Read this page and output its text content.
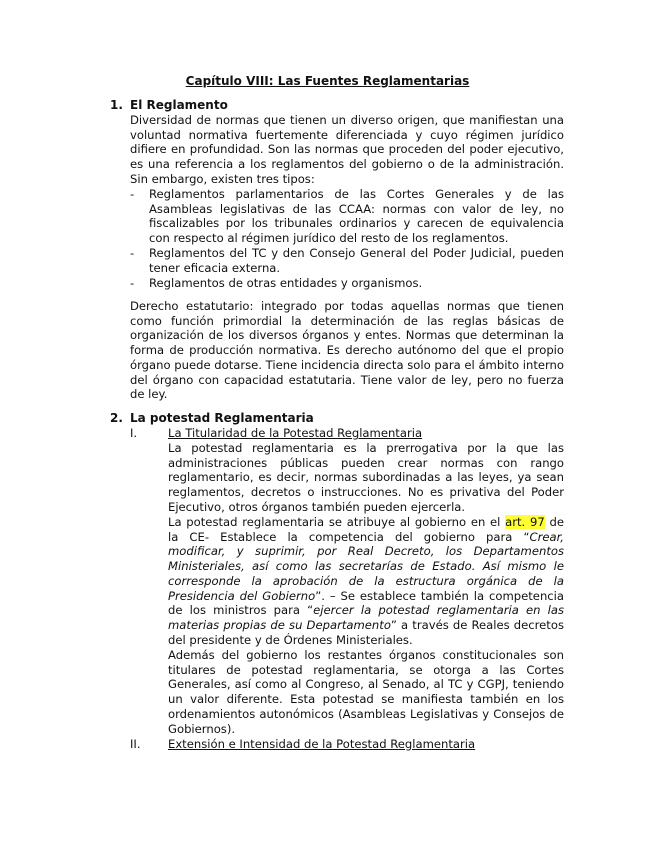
Capítulo VIII: Las Fuentes Reglamentarias
1. El Reglamento

Diversidad de normas que tienen un diverso origen, que manifiestan una voluntad normativa fuertemente diferenciada y cuyo régimen jurídico difiere en profundidad. Son las normas que proceden del poder ejecutivo, es una referencia a los reglamentos del gobierno o de la administración. Sin embargo, existen tres tipos:

-	Reglamentos parlamentarios de las Cortes Generales y de las Asambleas legislativas de las CCAA: normas con valor de ley, no fiscalizables por los tribunales ordinarios y carecen de equivalencia con respecto al régimen jurídico del resto de los reglamentos.
-	Reglamentos del TC y den Consejo General del Poder Judicial, pueden tener eficacia externa.
-	Reglamentos de otras entidades y organismos.

Derecho estatutario: integrado por todas aquellas normas que tienen como función primordial la determinación de las reglas básicas de organización de los diversos órganos y entes. Normas que determinan la forma de producción normativa. Es derecho autónomo del que el propio órgano puede dotarse. Tiene incidencia directa solo para el ámbito interno del órgano con capacidad estatutaria. Tiene valor de ley, pero no fuerza de ley.

2. La potestad Reglamentaria
I.	La Titularidad de la Potestad Reglamentaria

La potestad reglamentaria es la prerrogativa por la que las administraciones públicas pueden crear normas con rango reglamentario, es decir, normas subordinadas a las leyes, ya sean reglamentos, decretos o instrucciones. No es privativa del Poder Ejecutivo, otros órganos también pueden ejercerla.

La potestad reglamentaria se atribuye al gobierno en el art. 97 de la CE- Establece la competencia del gobierno para “Crear, modificar, y suprimir, por Real Decreto, los Departamentos Ministeriales, así como las secretarías de Estado. Así mismo le corresponde la aprobación de la estructura orgánica de la Presidencia del Gobierno”. – Se establece también la competencia de los ministros para “ejercer la potestad reglamentaria en las materias propias de su Departamento” a través de Reales decretos del presidente y de Órdenes Ministeriales.

Además del gobierno los restantes órganos constitucionales son titulares de potestad reglamentaria, se otorga a las Cortes Generales, así como al Congreso, al Senado, al TC y CGPJ, teniendo un valor diferente. Esta potestad se manifiesta también en los ordenamientos autonómicos (Asambleas Legislativas y Consejos de Gobiernos).

II.	Extensión e Intensidad de la Potestad Reglamentaria
